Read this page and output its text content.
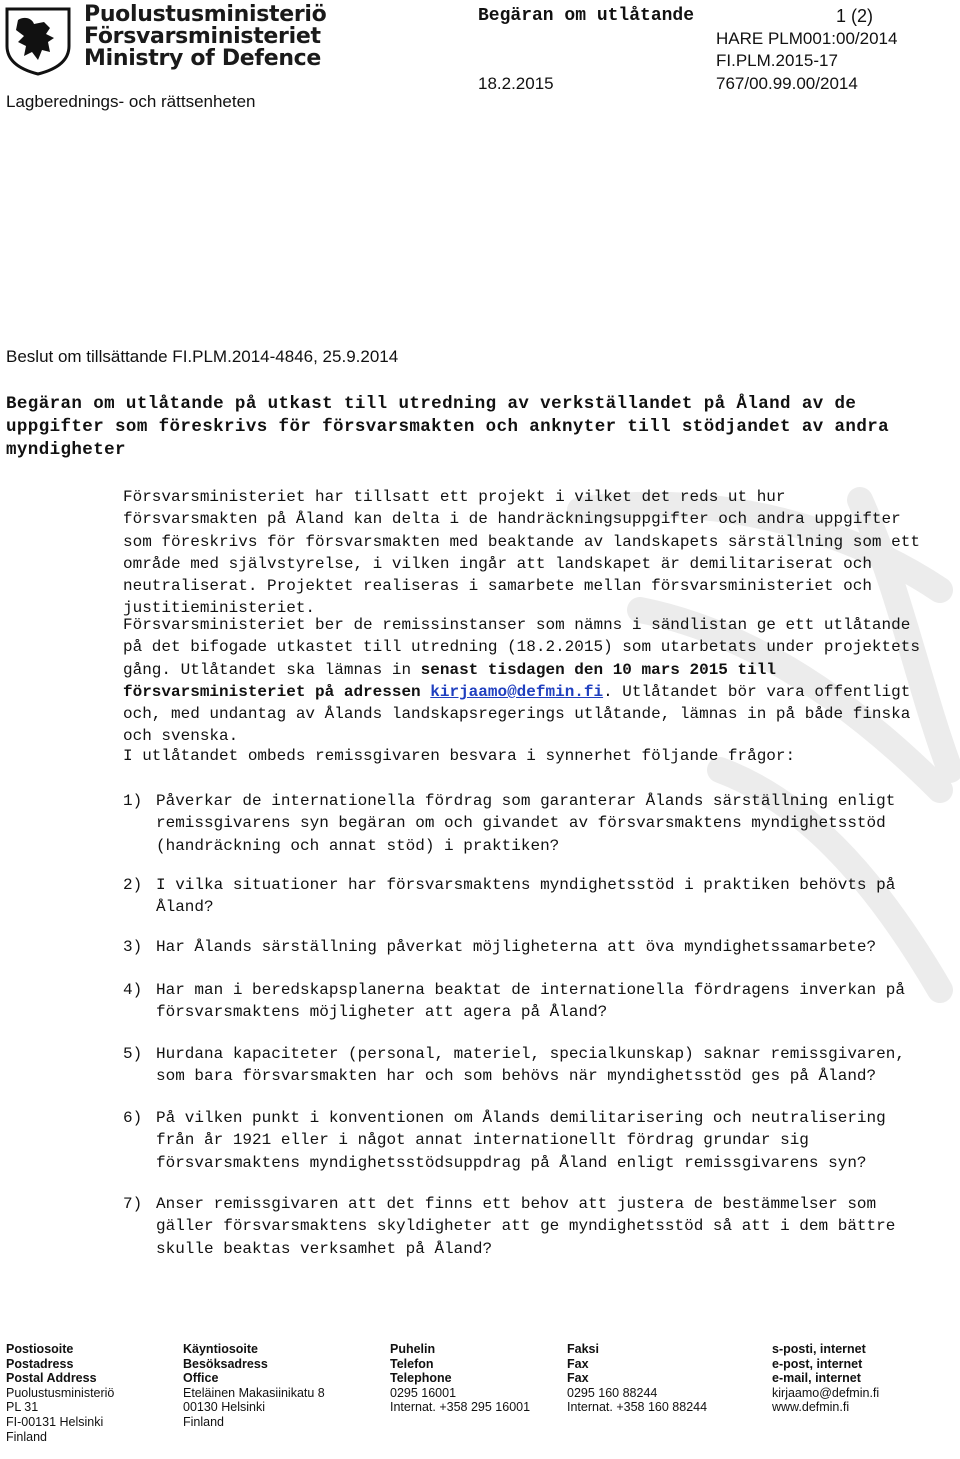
Puolustusministeriö
Försvarsministeriet
Ministry of Defence
Lagberednings- och rättsenheten
Begäran om utlåtande	1 (2)
HARE PLM001:00/2014
FI.PLM.2015-17
18.2.2015	767/00.99.00/2014
Beslut om tillsättande FI.PLM.2014-4846, 25.9.2014
Begäran om utlåtande på utkast till utredning av verkställandet på Åland av de uppgifter som föreskrivs för försvarsmakten och anknyter till stödjandet av andra myndigheter
Försvarsministeriet har tillsatt ett projekt i vilket det reds ut hur försvarsmakten på Åland kan delta i de handräckningsuppgifter och andra uppgifter som föreskrivs för försvarsmakten med beaktande av landskapets särställning som ett område med självstyrelse, i vilken ingår att landskapet är demilitariserat och neutraliserat. Projektet realiseras i samarbete mellan försvarsministeriet och justitieministeriet.
Försvarsministeriet ber de remissinstanser som nämns i sändlistan ge ett utlåtande på det bifogade utkastet till utredning (18.2.2015) som utarbetats under projektets gång. Utlåtandet ska lämnas in senast tisdagen den 10 mars 2015 till försvarsministeriet på adressen kirjaamo@defmin.fi. Utlåtandet bör vara offentligt och, med undantag av Ålands landskapsregerings utlåtande, lämnas in på både finska och svenska.
I utlåtandet ombeds remissgivaren besvara i synnerhet följande frågor:
1) Påverkar de internationella fördrag som garanterar Ålands särställning enligt remissgivarens syn begäran om och givandet av försvarsmaktens myndighetsstöd (handräckning och annat stöd) i praktiken?
2) I vilka situationer har försvarsmaktens myndighetsstöd i praktiken behövts på Åland?
3) Har Ålands särställning påverkat möjligheterna att öva myndighetssamarbete?
4) Har man i beredskapsplanerna beaktat de internationella fördragens inverkan på försvarsmaktens möjligheter att agera på Åland?
5) Hurdana kapaciteter (personal, materiel, specialkunskap) saknar remissgivaren, som bara försvarsmakten har och som behövs när myndighetsstöd ges på Åland?
6) På vilken punkt i konventionen om Ålands demilitarisering och neutralisering från år 1921 eller i något annat internationellt fördrag grundar sig försvarsmaktens myndighetsstödsuppdrag på Åland enligt remissgivarens syn?
7) Anser remissgivaren att det finns ett behov att justera de bestämmelser som gäller försvarsmaktens skyldigheter att ge myndighetsstöd så att i dem bättre skulle beaktas verksamhet på Åland?
Postiosoite
Postadress
Postal Address
Puolustusministeriö
PL 31
FI-00131 Helsinki
Finland
Käyntiosoite
Besöksadress
Office
Eteläinen Makasiinikatu 8
00130 Helsinki
Finland
Puhelin
Telefon
Telephone
0295 16001
Internat. +358 295 16001
Faksi
Fax
Fax
0295 160 88244
Internat. +358 160 88244
s-posti, internet
e-post, internet
e-mail, internet
kirjaamo@defmin.fi
www.defmin.fi
